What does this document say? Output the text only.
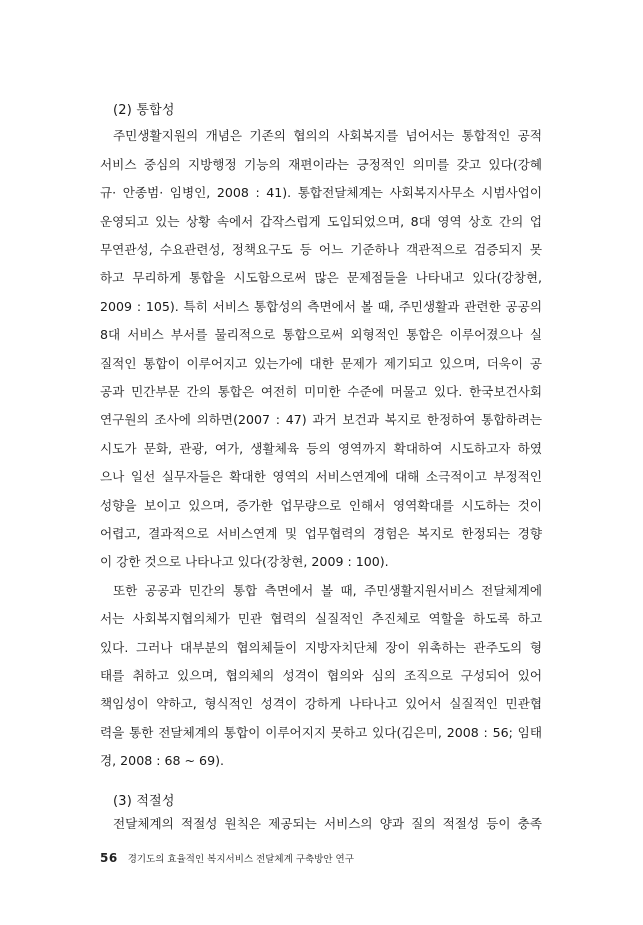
(2) 통합성

주민생활지원의 개념은 기존의 협의의 사회복지를 넘어서는 통합적인 공적

서비스 중심의 지방행정 기능의 재편이라는 긍정적인 의미를 갖고 있다(강혜

규· 안종범· 임병인, 2008 : 41). 통합전달체계는 사회복지사무소 시범사업이

운영되고 있는 상황 속에서 갑작스럽게 도입되었으며, 8대 영역 상호 간의 업

무연관성, 수요관련성, 정책요구도 등 어느 기준하나 객관적으로 검증되지 못

하고 무리하게 통합을 시도함으로써 많은 문제점들을 나타내고 있다(강창현,

2009 : 105). 특히 서비스 통합성의 측면에서 볼 때, 주민생활과 관련한 공공의

8대 서비스 부서를 물리적으로 통합으로써 외형적인 통합은 이루어졌으나 실

질적인 통합이 이루어지고 있는가에 대한 문제가 제기되고 있으며, 더욱이 공

공과 민간부문 간의 통합은 여전히 미미한 수준에 머물고 있다. 한국보건사회

연구원의 조사에 의하면(2007 : 47) 과거 보건과 복지로 한정하여 통합하려는

시도가 문화, 관광, 여가, 생활체육 등의 영역까지 확대하여 시도하고자 하였

으나 일선 실무자들은 확대한 영역의 서비스연계에 대해 소극적이고 부정적인

성향을 보이고 있으며, 증가한 업무량으로 인해서 영역확대를 시도하는 것이

어렵고, 결과적으로 서비스연계 및 업무협력의 경험은 복지로 한정되는 경향

이 강한 것으로 나타나고 있다(강창현, 2009 : 100).

또한 공공과 민간의 통합 측면에서 볼 때, 주민생활지원서비스 전달체계에

서는 사회복지협의체가 민관 협력의 실질적인 추진체로 역할을 하도록 하고

있다. 그러나 대부분의 협의체들이 지방자치단체 장이 위촉하는 관주도의 형

태를 취하고 있으며, 협의체의 성격이 협의와 심의 조직으로 구성되어 있어

책임성이 약하고, 형식적인 성격이 강하게 나타나고 있어서 실질적인 민관협

력을 통한 전달체계의 통합이 이루어지지 못하고 있다(김은미, 2008 : 56; 임태

경, 2008 : 68 ~ 69).

(3) 적절성

전달체계의 적절성 원칙은 제공되는 서비스의 양과 질의 적절성 등이 충족

56 경기도의 효율적인 복지서비스 전달체계 구축방안 연구
